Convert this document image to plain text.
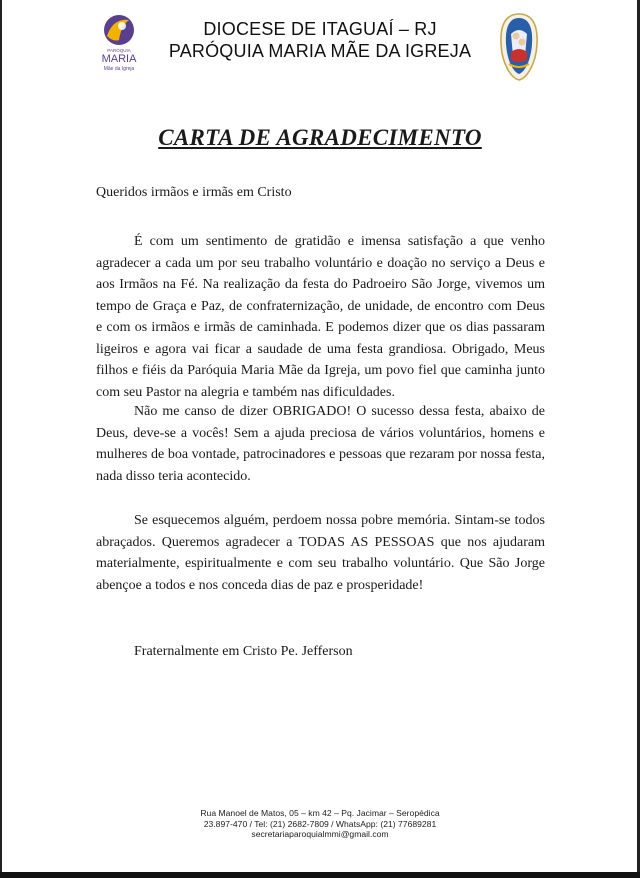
PARÓQUIA
MARIA
Mãe da Igreja
DIOCESE DE ITAGUAÍ – RJ
PARÓQUIA MARIA MÃE DA IGREJA
CARTA DE AGRADECIMENTO
Queridos irmãos e irmãs em Cristo
É com um sentimento de gratidão e imensa satisfação a que venho agradecer a cada um por seu trabalho voluntário e doação no serviço a Deus e aos Irmãos na Fé. Na realização da festa do Padroeiro São Jorge, vivemos um tempo de Graça e Paz, de confraternização, de unidade, de encontro com Deus e com os irmãos e irmãs de caminhada. E podemos dizer que os dias passaram ligeiros e agora vai ficar a saudade de uma festa grandiosa. Obrigado, Meus filhos e fiéis da Paróquia Maria Mãe da Igreja, um povo fiel que caminha junto com seu Pastor na alegria e também nas dificuldades.
Não me canso de dizer OBRIGADO! O sucesso dessa festa, abaixo de Deus, deve-se a vocês! Sem a ajuda preciosa de vários voluntários, homens e mulheres de boa vontade, patrocinadores e pessoas que rezaram por nossa festa, nada disso teria acontecido.
Se esquecemos alguém, perdoem nossa pobre memória. Sintam-se todos abraçados. Queremos agradecer a TODAS AS PESSOAS que nos ajudaram materialmente, espiritualmente e com seu trabalho voluntário. Que São Jorge abençoe a todos e nos conceda dias de paz e prosperidade!
Fraternalmente em Cristo Pe. Jefferson
Rua Manoel de Matos, 05 – km 42 – Pq. Jacimar – Seropédica
23.897-470 / Tel: (21) 2682-7809 / WhatsApp: (21) 77689281
secretariaparoquialmmi@gmail.com
